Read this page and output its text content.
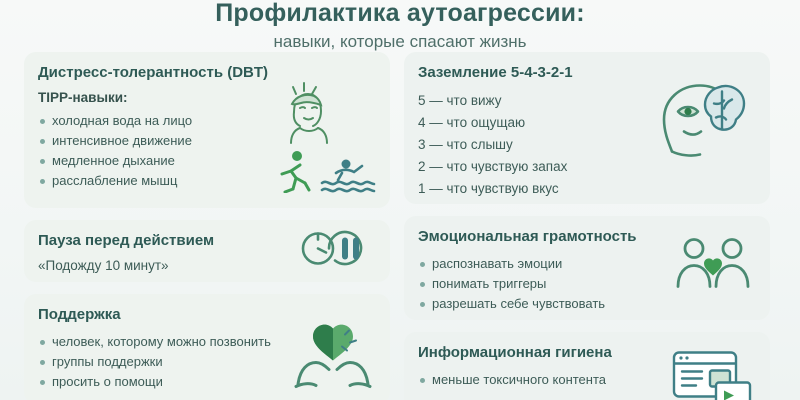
Профилактика аутоагрессии:

навыки, которые спасают жизнь

Дистресс-толерантность (DBT)

TIPP-навыки:

холодная вода на лицо
интенсивное движение
медленное дыхание
расслабление мышц
Пауза перед действием

«Подожду 10 минут»

Поддержка
человек, которому можно позвонить
группы поддержки
просить о помощи
Заземление 5-4-3-2-1
5 — что вижу
4 — что ощущаю
3 — что слышу
2 — что чувствую запах
1 — что чувствую вкус
Эмоциональная грамотность
распознавать эмоции
понимать триггеры
разрешать себе чувствовать
Информационная гигиена
меньше токсичного контента
